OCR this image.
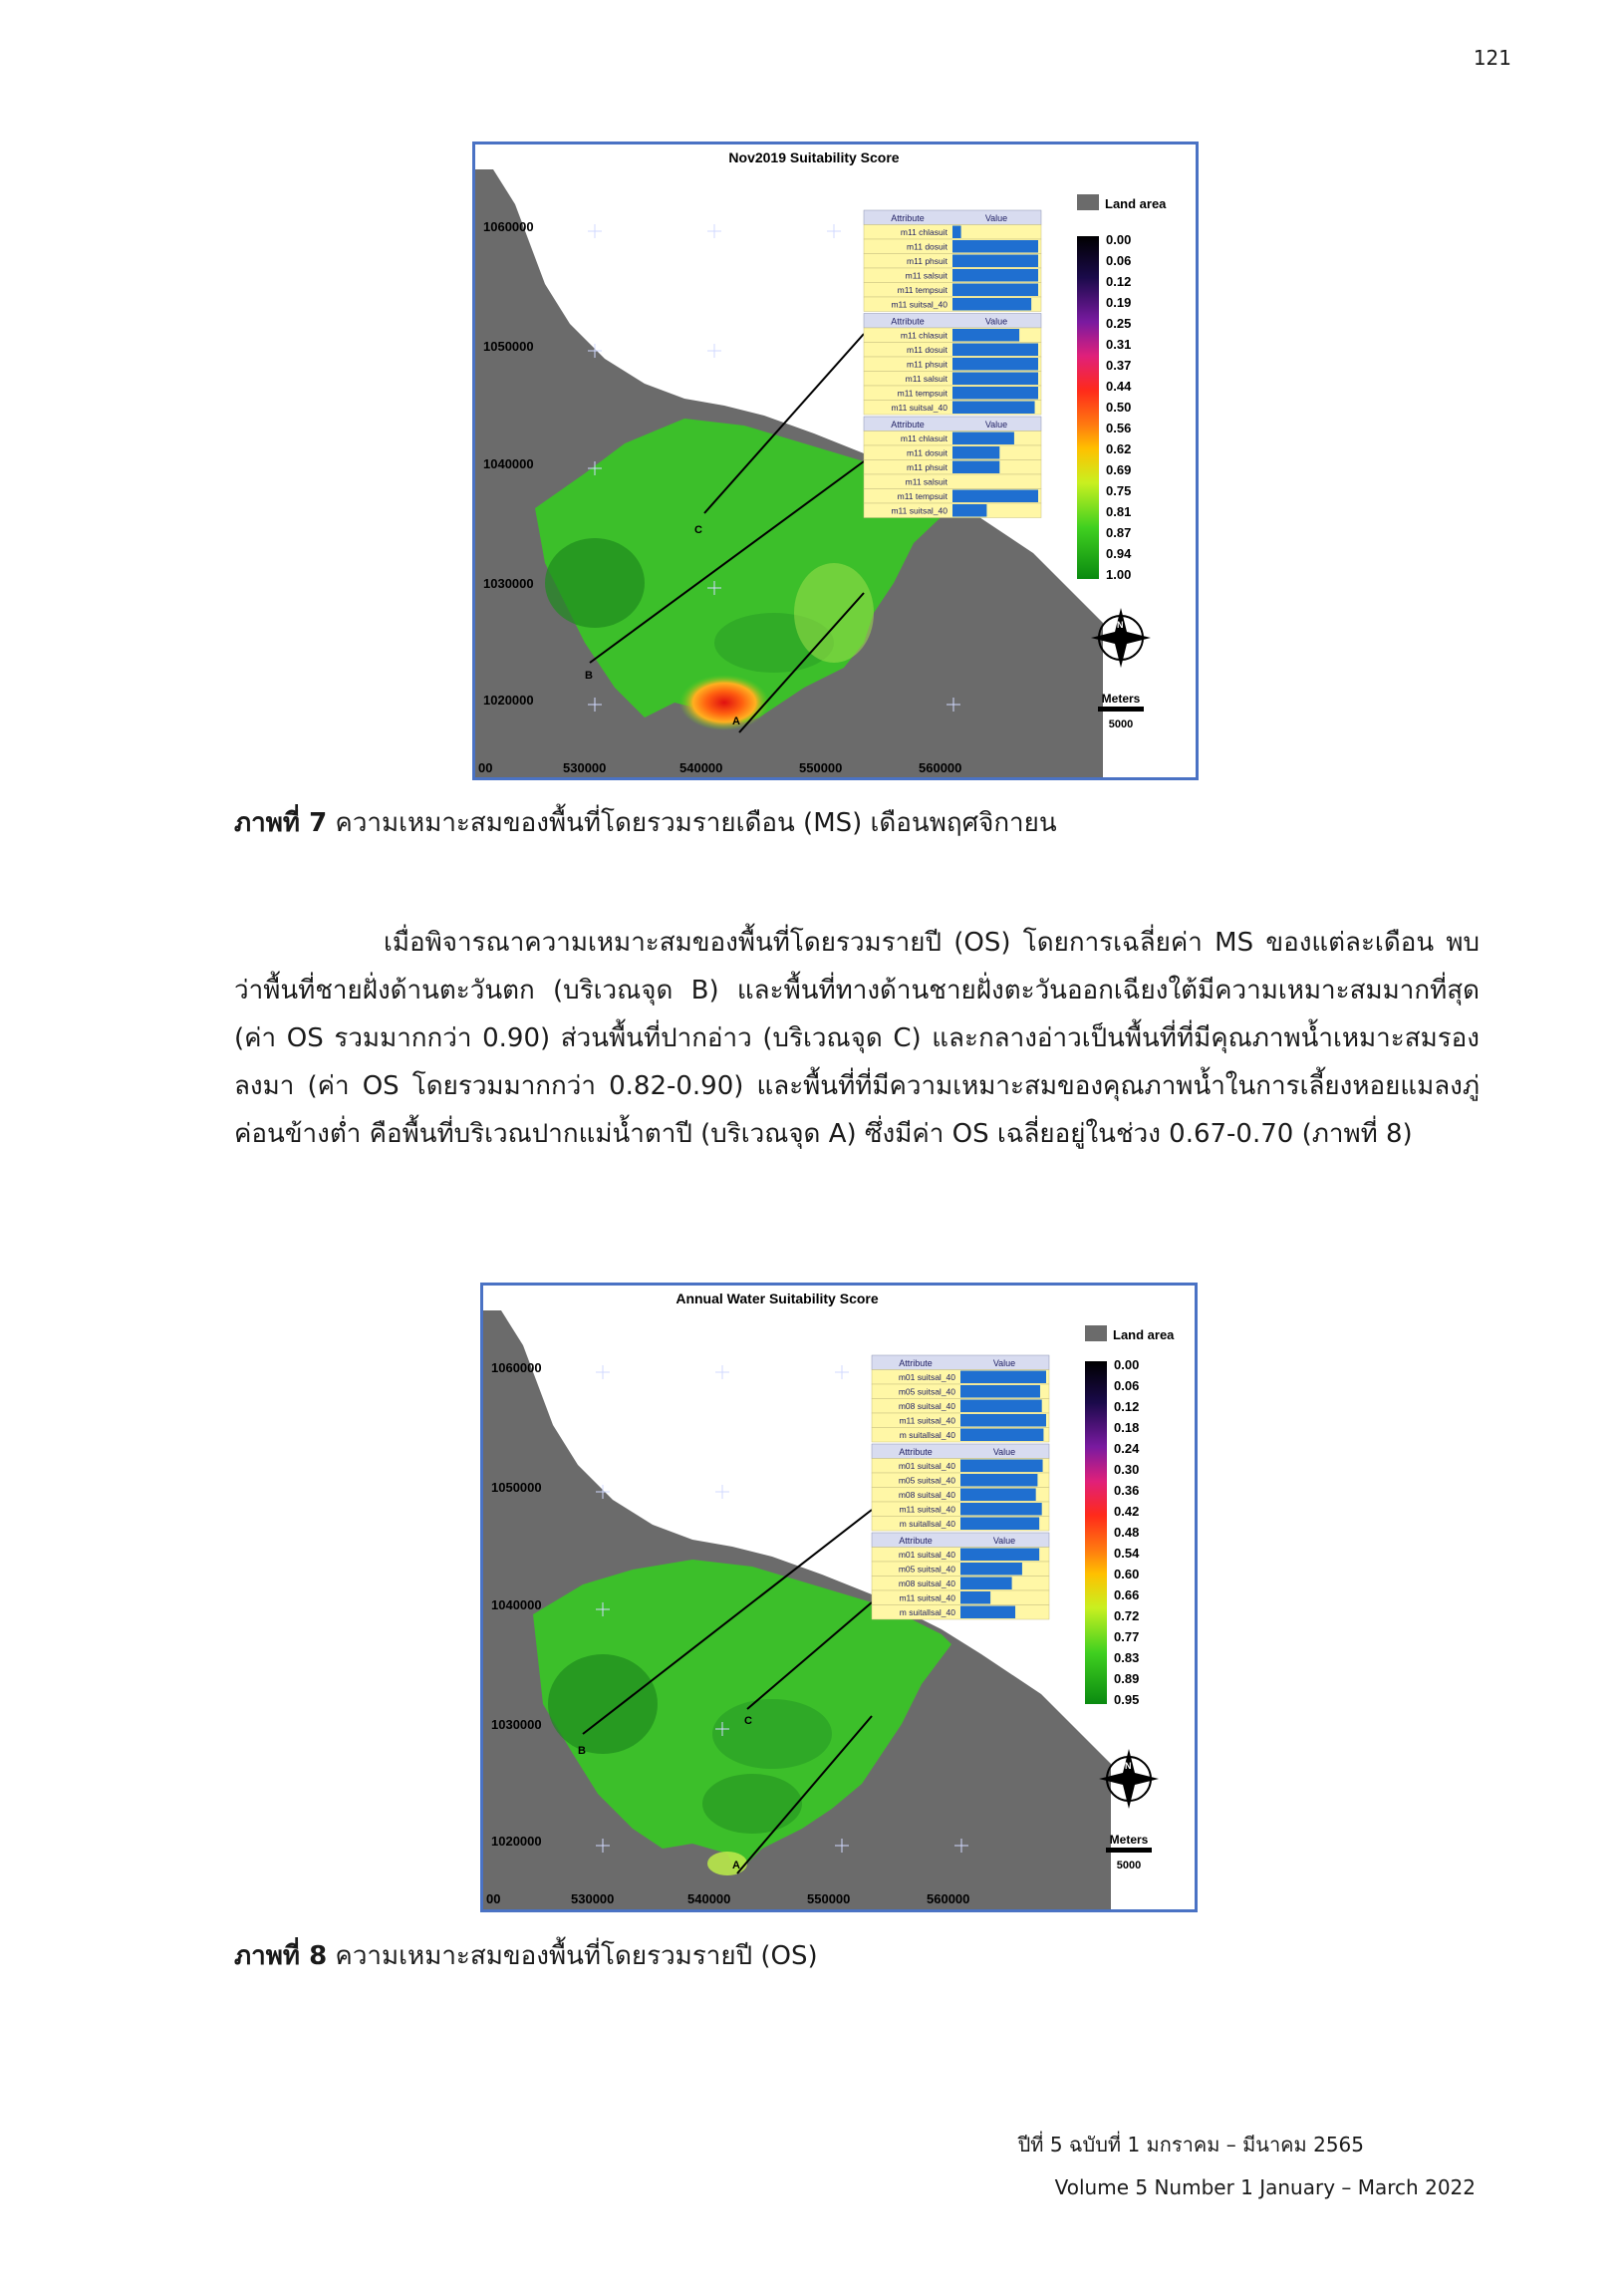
121
Nov2019 Suitability Score
1060000
1050000
1040000
1030000
1020000
00	530000	540000	550000	560000
C
B
A
Attribute	Value
m11 chlasuit
m11 dosuit
m11 phsuit
m11 salsuit
m11 tempsuit
m11 suitsal_40
Attribute	Value
m11 chlasuit
m11 dosuit
m11 phsuit
m11 salsuit
m11 tempsuit
m11 suitsal_40
Attribute	Value
m11 chlasuit
m11 dosuit
m11 phsuit
m11 salsuit
m11 tempsuit
m11 suitsal_40
Land area
0.00
0.06
0.12
0.19
0.25
0.31
0.37
0.44
0.50
0.56
0.62
0.69
0.75
0.81
0.87
0.94
1.00
N
Meters
5000
ภาพที่ 7 ความเหมาะสมของพื้นที่โดยรวมรายเดือน (MS) เดือนพฤศจิกายน
เมื่อพิจารณาความเหมาะสมของพื้นที่โดยรวมรายปี (OS) โดยการเฉลี่ยค่า MS ของแต่ละเดือน พบว่าพื้นที่ชายฝั่งด้านตะวันตก (บริเวณจุด B) และพื้นที่ทางด้านชายฝั่งตะวันออกเฉียงใต้มีความเหมาะสมมากที่สุด (ค่า OS รวมมากกว่า 0.90) ส่วนพื้นที่ปากอ่าว (บริเวณจุด C) และกลางอ่าวเป็นพื้นที่ที่มีคุณภาพน้ำเหมาะสมรองลงมา (ค่า OS โดยรวมมากกว่า 0.82-0.90) และพื้นที่ที่มีความเหมาะสมของคุณภาพน้ำในการเลี้ยงหอยแมลงภู่ค่อนข้างต่ำ คือพื้นที่บริเวณปากแม่น้ำตาปี (บริเวณจุด A) ซึ่งมีค่า OS เฉลี่ยอยู่ในช่วง 0.67-0.70 (ภาพที่ 8)
Annual Water Suitability Score
1060000
1050000
1040000
1030000
1020000
00	530000	540000	550000	560000
B
C
A
Attribute	Value
m01 suitsal_40
m05 suitsal_40
m08 suitsal_40
m11 suitsal_40
m suitallsal_40
Attribute	Value
m01 suitsal_40
m05 suitsal_40
m08 suitsal_40
m11 suitsal_40
m suitallsal_40
Attribute	Value
m01 suitsal_40
m05 suitsal_40
m08 suitsal_40
m11 suitsal_40
m suitallsal_40
Land area
0.00
0.06
0.12
0.18
0.24
0.30
0.36
0.42
0.48
0.54
0.60
0.66
0.72
0.77
0.83
0.89
0.95
N
Meters
5000
ภาพที่ 8 ความเหมาะสมของพื้นที่โดยรวมรายปี (OS)
ปีที่ 5 ฉบับที่ 1 มกราคม – มีนาคม 2565
Volume 5 Number 1 January – March 2022
